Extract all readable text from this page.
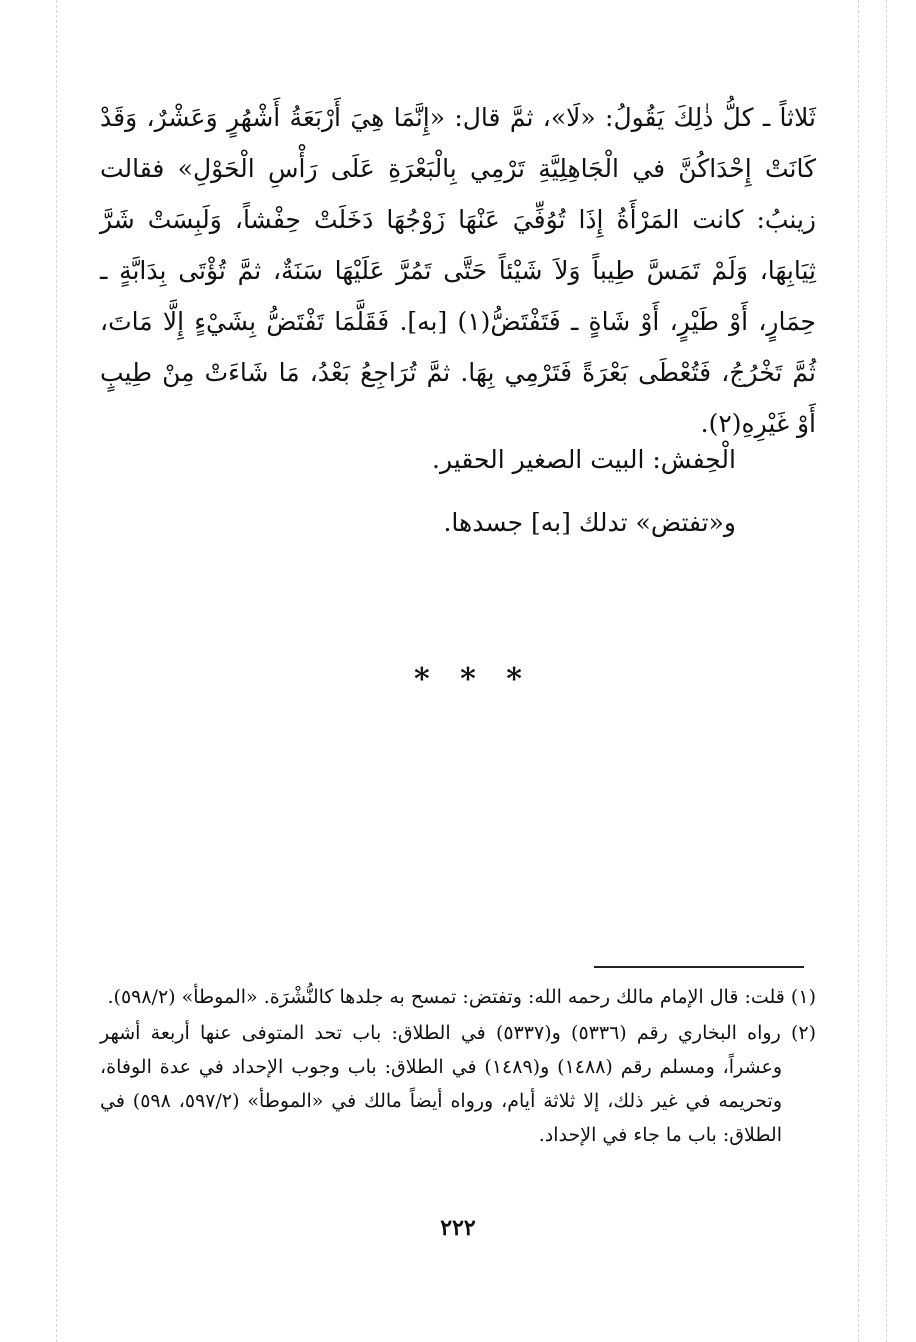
ثَلاثاً ـ كلُّ ذٰلِكَ يَقُولُ: «لَا»، ثمَّ قال: «إِنَّمَا هِيَ أَرْبَعَةُ أَشْهُرٍ وَعَشْرٌ، وَقَدْ كَانَتْ إِحْدَاكُنَّ في الْجَاهِلِيَّةِ تَرْمِي بِالْبَعْرَةِ عَلَى رَأْسِ الْحَوْلِ» فقالت زينبُ: كانت المَرْأَةُ إِذَا تُوُفِّيَ عَنْهَا زَوْجُهَا دَخَلَتْ حِفْشاً، وَلَبِسَتْ شَرَّ ثِيَابِهَا، وَلَمْ تَمَسَّ طِيباً وَلاَ شَيْئاً حَتَّى تَمُرَّ عَلَيْهَا سَنَةٌ، ثمَّ تُؤْتَى بِدَابَّةٍ ـ حِمَارٍ، أَوْ طَيْرٍ، أَوْ شَاةٍ ـ فَتَفْتَضُّ(١) [به]. فَقَلَّمَا تَفْتَضُّ بِشَيْءٍ إِلَّا مَاتَ، ثُمَّ تَخْرُجُ، فَتُعْطَى بَعْرَةً فَتَرْمِي بِهَا. ثمَّ تُرَاجِعُ بَعْدُ، مَا شَاءَتْ مِنْ طِيبٍ أَوْ غَيْرِهِ(٢).

الْحِفش: البيت الصغير الحقير.

و«تفتض» تدلك [به] جسدها.

* * *

(١) قلت: قال الإمام مالك رحمه الله: وتفتض: تمسح به جلدها كالنُّشْرَة. «الموطأ» (٥٩٨/٢).

(٢) رواه البخاري رقم (٥٣٣٦) و(٥٣٣٧) في الطلاق: باب تحد المتوفى عنها أربعة أشهر وعشراً، ومسلم رقم (١٤٨٨) و(١٤٨٩) في الطلاق: باب وجوب الإحداد في عدة الوفاة، وتحريمه في غير ذلك، إلا ثلاثة أيام، ورواه أيضاً مالك في «الموطأ» (٥٩٧/٢، ٥٩٨) في الطلاق: باب ما جاء في الإحداد.

٢٢٢
